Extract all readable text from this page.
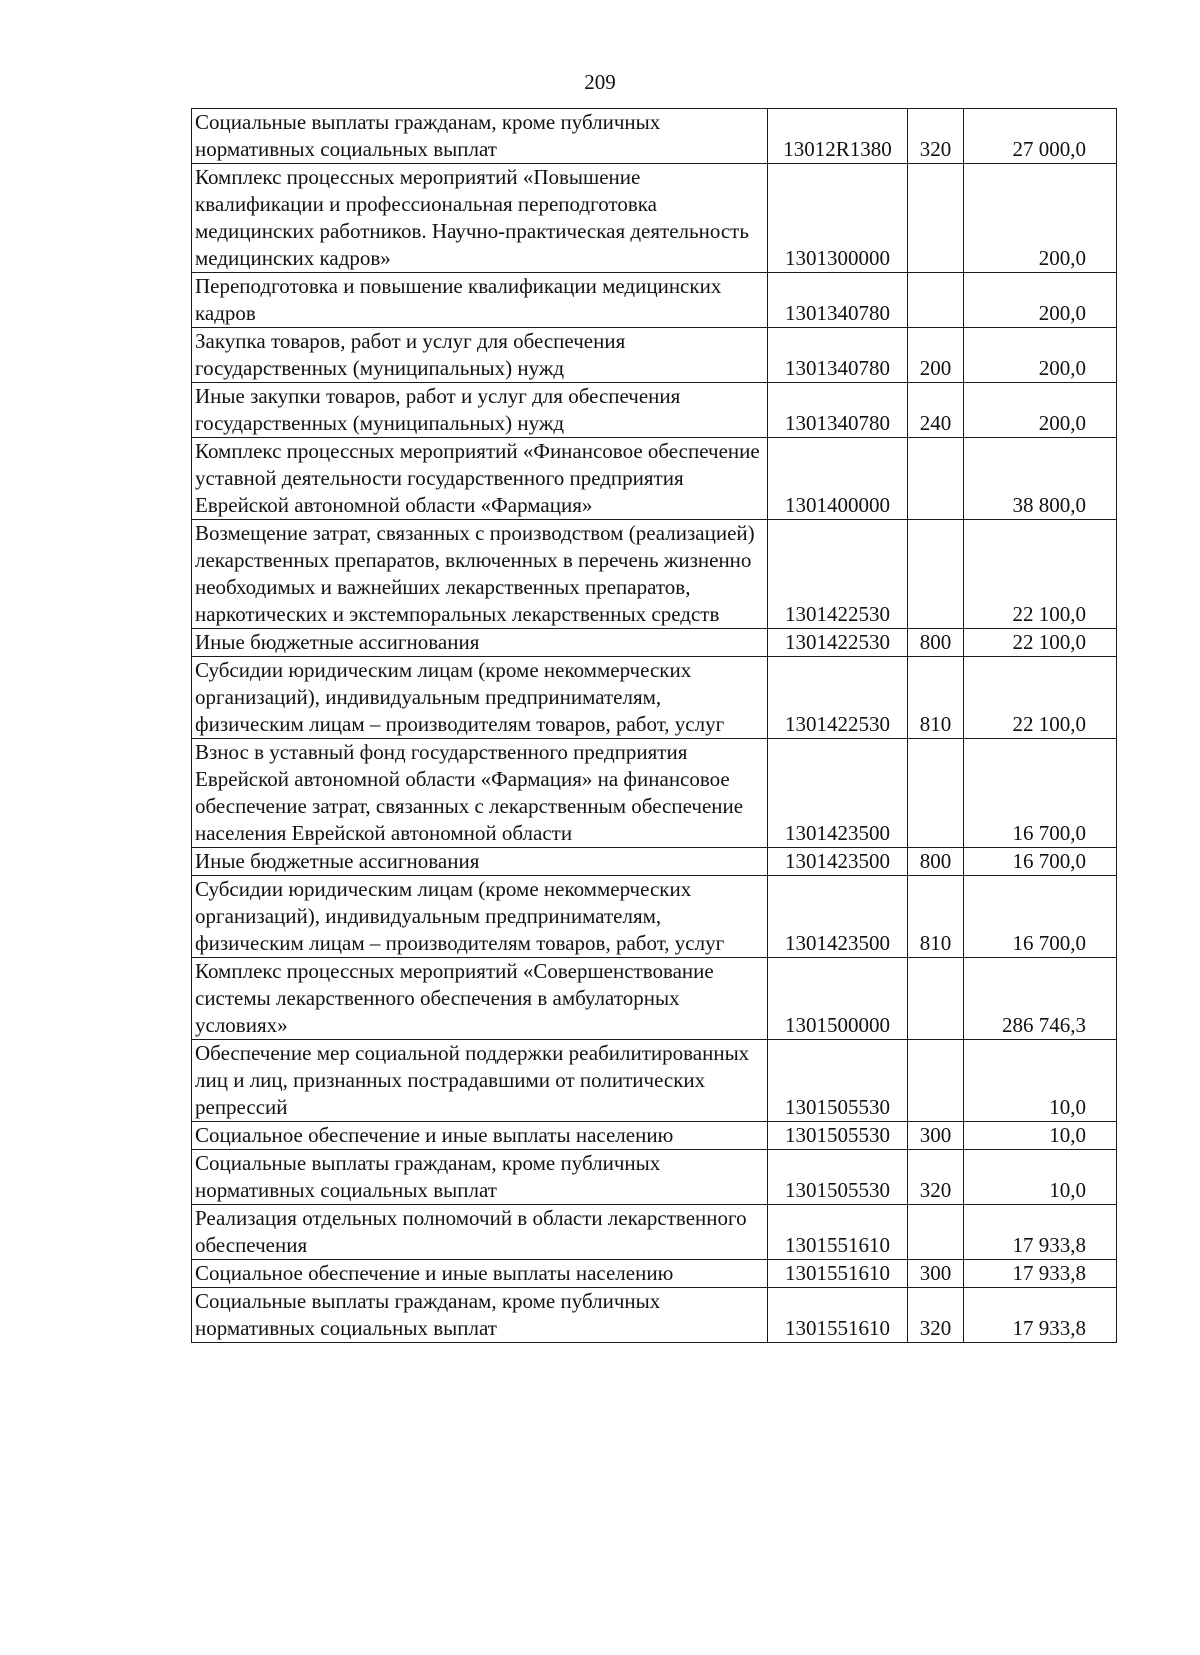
209
Социальные выплаты гражданам, кроме публичных нормативных социальных выплат	13012R1380	320	27 000,0
Комплекс процессных мероприятий «Повышение квалификации и профессиональная переподготовка медицинских работников. Научно-практическая деятельность медицинских кадров»	1301300000		200,0
Переподготовка и повышение квалификации медицинских кадров	1301340780		200,0
Закупка товаров, работ и услуг для обеспечения государственных (муниципальных) нужд	1301340780	200	200,0
Иные закупки товаров, работ и услуг для обеспечения государственных (муниципальных) нужд	1301340780	240	200,0
Комплекс процессных мероприятий «Финансовое обеспечение уставной деятельности государственного предприятия Еврейской автономной области «Фармация»	1301400000		38 800,0
Возмещение затрат, связанных с производством (реализацией) лекарственных препаратов, включенных в перечень жизненно необходимых и важнейших лекарственных препаратов, наркотических и экстемпоральных лекарственных средств	1301422530		22 100,0
Иные бюджетные ассигнования	1301422530	800	22 100,0
Субсидии юридическим лицам (кроме некоммерческих организаций), индивидуальным предпринимателям, физическим лицам – производителям товаров, работ, услуг	1301422530	810	22 100,0
Взнос в уставный фонд государственного предприятия Еврейской автономной области «Фармация» на финансовое обеспечение затрат, связанных с лекарственным обеспечение населения Еврейской автономной области	1301423500		16 700,0
Иные бюджетные ассигнования	1301423500	800	16 700,0
Субсидии юридическим лицам (кроме некоммерческих организаций), индивидуальным предпринимателям, физическим лицам – производителям товаров, работ, услуг	1301423500	810	16 700,0
Комплекс процессных мероприятий «Совершенствование системы лекарственного обеспечения в амбулаторных условиях»	1301500000		286 746,3
Обеспечение мер социальной поддержки реабилитированных лиц и лиц, признанных пострадавшими от политических репрессий	1301505530		10,0
Социальное обеспечение и иные выплаты населению	1301505530	300	10,0
Социальные выплаты гражданам, кроме публичных нормативных социальных выплат	1301505530	320	10,0
Реализация отдельных полномочий в области лекарственного обеспечения	1301551610		17 933,8
Социальное обеспечение и иные выплаты населению	1301551610	300	17 933,8
Социальные выплаты гражданам, кроме публичных нормативных социальных выплат	1301551610	320	17 933,8
